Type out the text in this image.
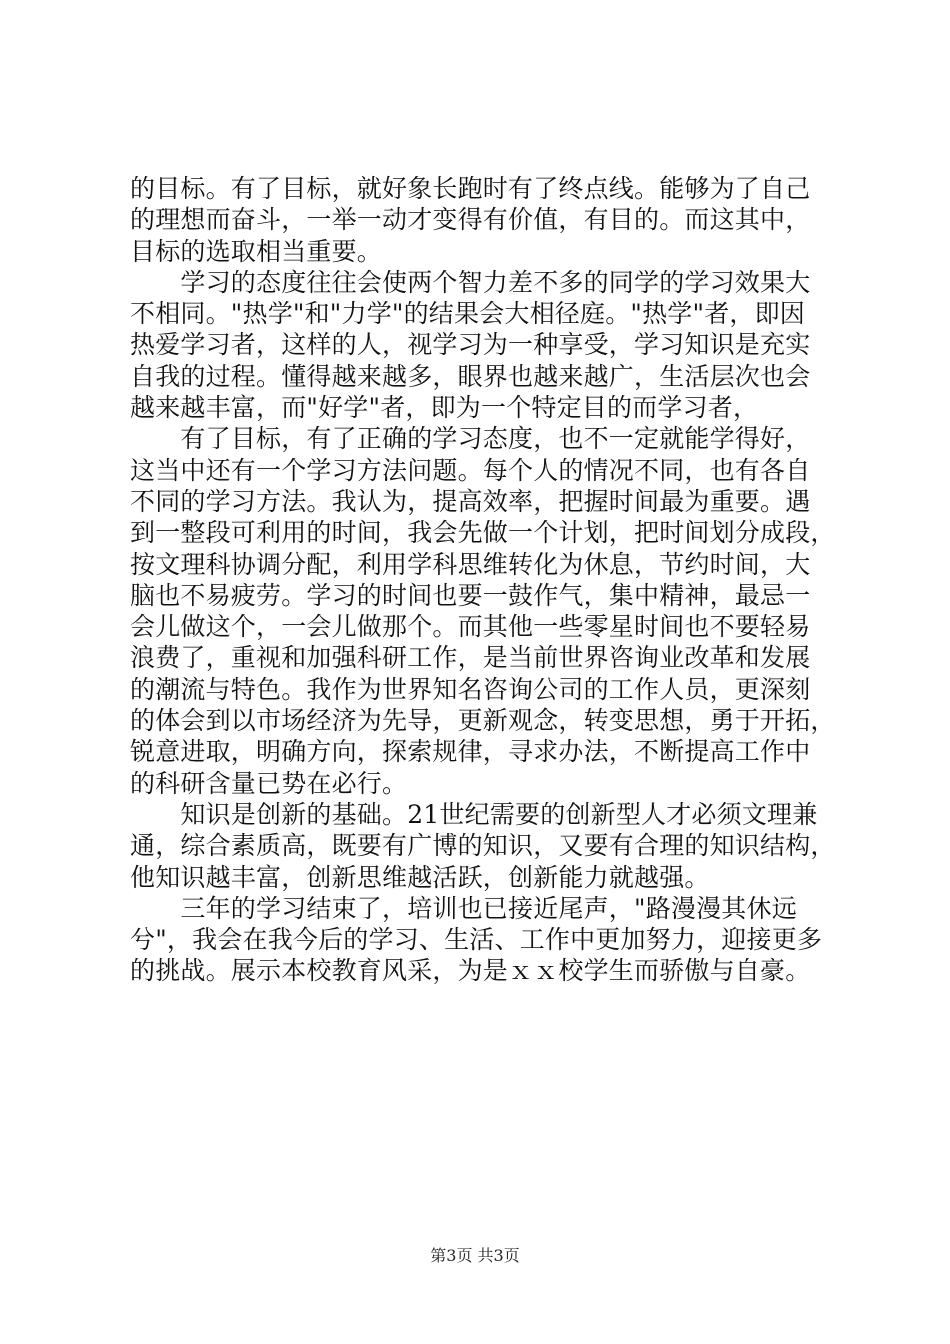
的目标。有了目标，就好象长跑时有了终点线。能够为了自己
的理想而奋斗，一举一动才变得有价值，有目的。而这其中，
目标的选取相当重要。
　　学习的态度往往会使两个智力差不多的同学的学习效果大
不相同。"热学"和"力学"的结果会大相径庭。"热学"者，即因
热爱学习者，这样的人，视学习为一种享受，学习知识是充实
自我的过程。懂得越来越多，眼界也越来越广，生活层次也会
越来越丰富，而"好学"者，即为一个特定目的而学习者，
　　有了目标，有了正确的学习态度，也不一定就能学得好，
这当中还有一个学习方法问题。每个人的情况不同，也有各自
不同的学习方法。我认为，提高效率，把握时间最为重要。遇
到一整段可利用的时间，我会先做一个计划，把时间划分成段，
按文理科协调分配，利用学科思维转化为休息，节约时间，大
脑也不易疲劳。学习的时间也要一鼓作气，集中精神，最忌一
会儿做这个，一会儿做那个。而其他一些零星时间也不要轻易
浪费了，重视和加强科研工作，是当前世界咨询业改革和发展
的潮流与特色。我作为世界知名咨询公司的工作人员，更深刻
的体会到以市场经济为先导，更新观念，转变思想，勇于开拓，
锐意进取，明确方向，探索规律，寻求办法，不断提高工作中
的科研含量已势在必行。
　　知识是创新的基础。21世纪需要的创新型人才必须文理兼
通，综合素质高，既要有广博的知识，又要有合理的知识结构，
他知识越丰富，创新思维越活跃，创新能力就越强。
　　三年的学习结束了，培训也已接近尾声，"路漫漫其休远
兮"，我会在我今后的学习、生活、工作中更加努力，迎接更多
的挑战。展示本校教育风采，为是ｘｘ校学生而骄傲与自豪。
第3页 共3页
